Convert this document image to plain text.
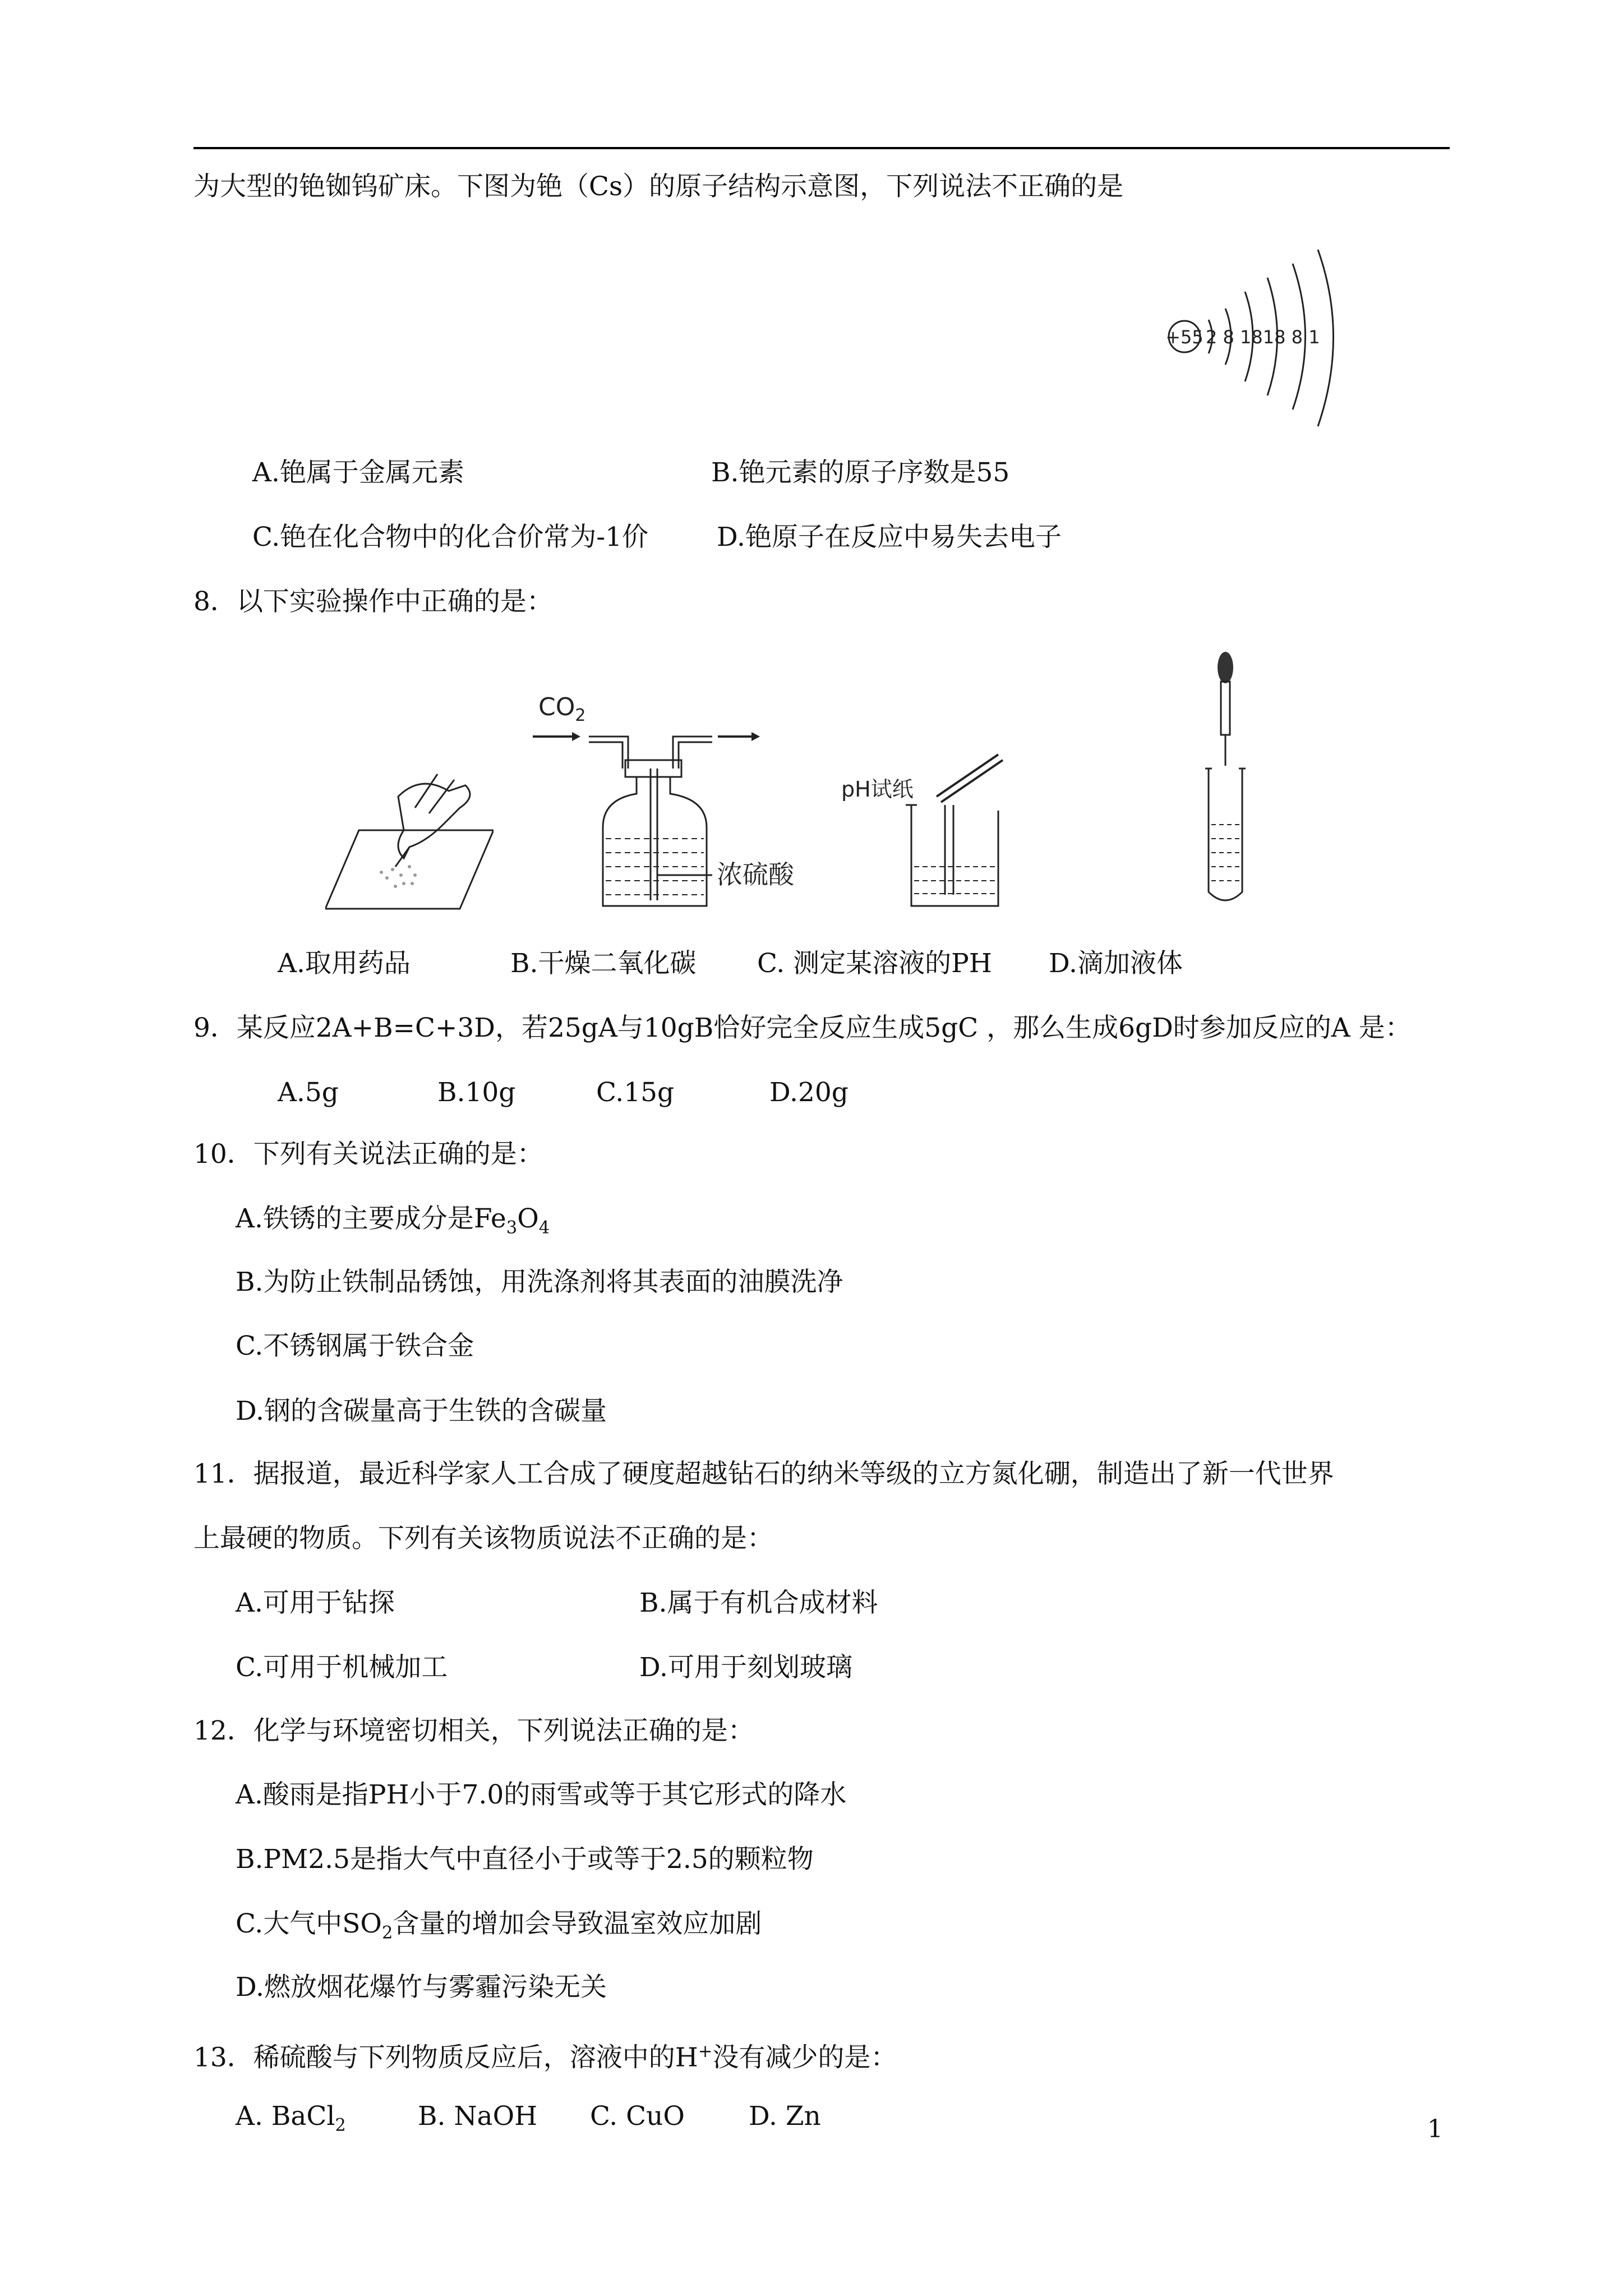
为大型的铯铷钨矿床。下图为铯（Cs）的原子结构示意图，下列说法不正确的是
+55 2 8 1818 8 1
A.铯属于金属元素	B.铯元素的原子序数是55
C.铯在化合物中的化合价常为-1价	D.铯原子在反应中易失去电子
8．以下实验操作中正确的是：
$CO_2$
浓硫酸
pH试纸
A.取用药品	B.干燥二氧化碳 C. 测定某溶液的PH D.滴加液体
9．某反应2A+B=C+3D，若25gA与10gB恰好完全反应生成5gC ，那么生成6gD时参加反应的A 是：
A.5g	B.10g	C.15g	D.20g
10．下列有关说法正确的是：
A.铁锈的主要成分是$Fe_3O_4$
B.为防止铁制品锈蚀，用洗涤剂将其表面的油膜洗净
C.不锈钢属于铁合金
D.钢的含碳量高于生铁的含碳量
11．据报道，最近科学家人工合成了硬度超越钻石的纳米等级的立方氮化硼，制造出了新一代世界
上最硬的物质。下列有关该物质说法不正确的是：
A.可用于钻探	B.属于有机合成材料
C.可用于机械加工	D.可用于刻划玻璃
12．化学与环境密切相关，下列说法正确的是：
A.酸雨是指PH小于7.0的雨雪或等于其它形式的降水
B.PM2.5是指大气中直径小于或等于2.5的颗粒物
C.大气中$SO_2$含量的增加会导致温室效应加剧
D.燃放烟花爆竹与雾霾污染无关
13．稀硫酸与下列物质反应后，溶液中的H+没有减少的是：
A. BaCl$_2$	B. NaOH C. CuO D. Zn	1
